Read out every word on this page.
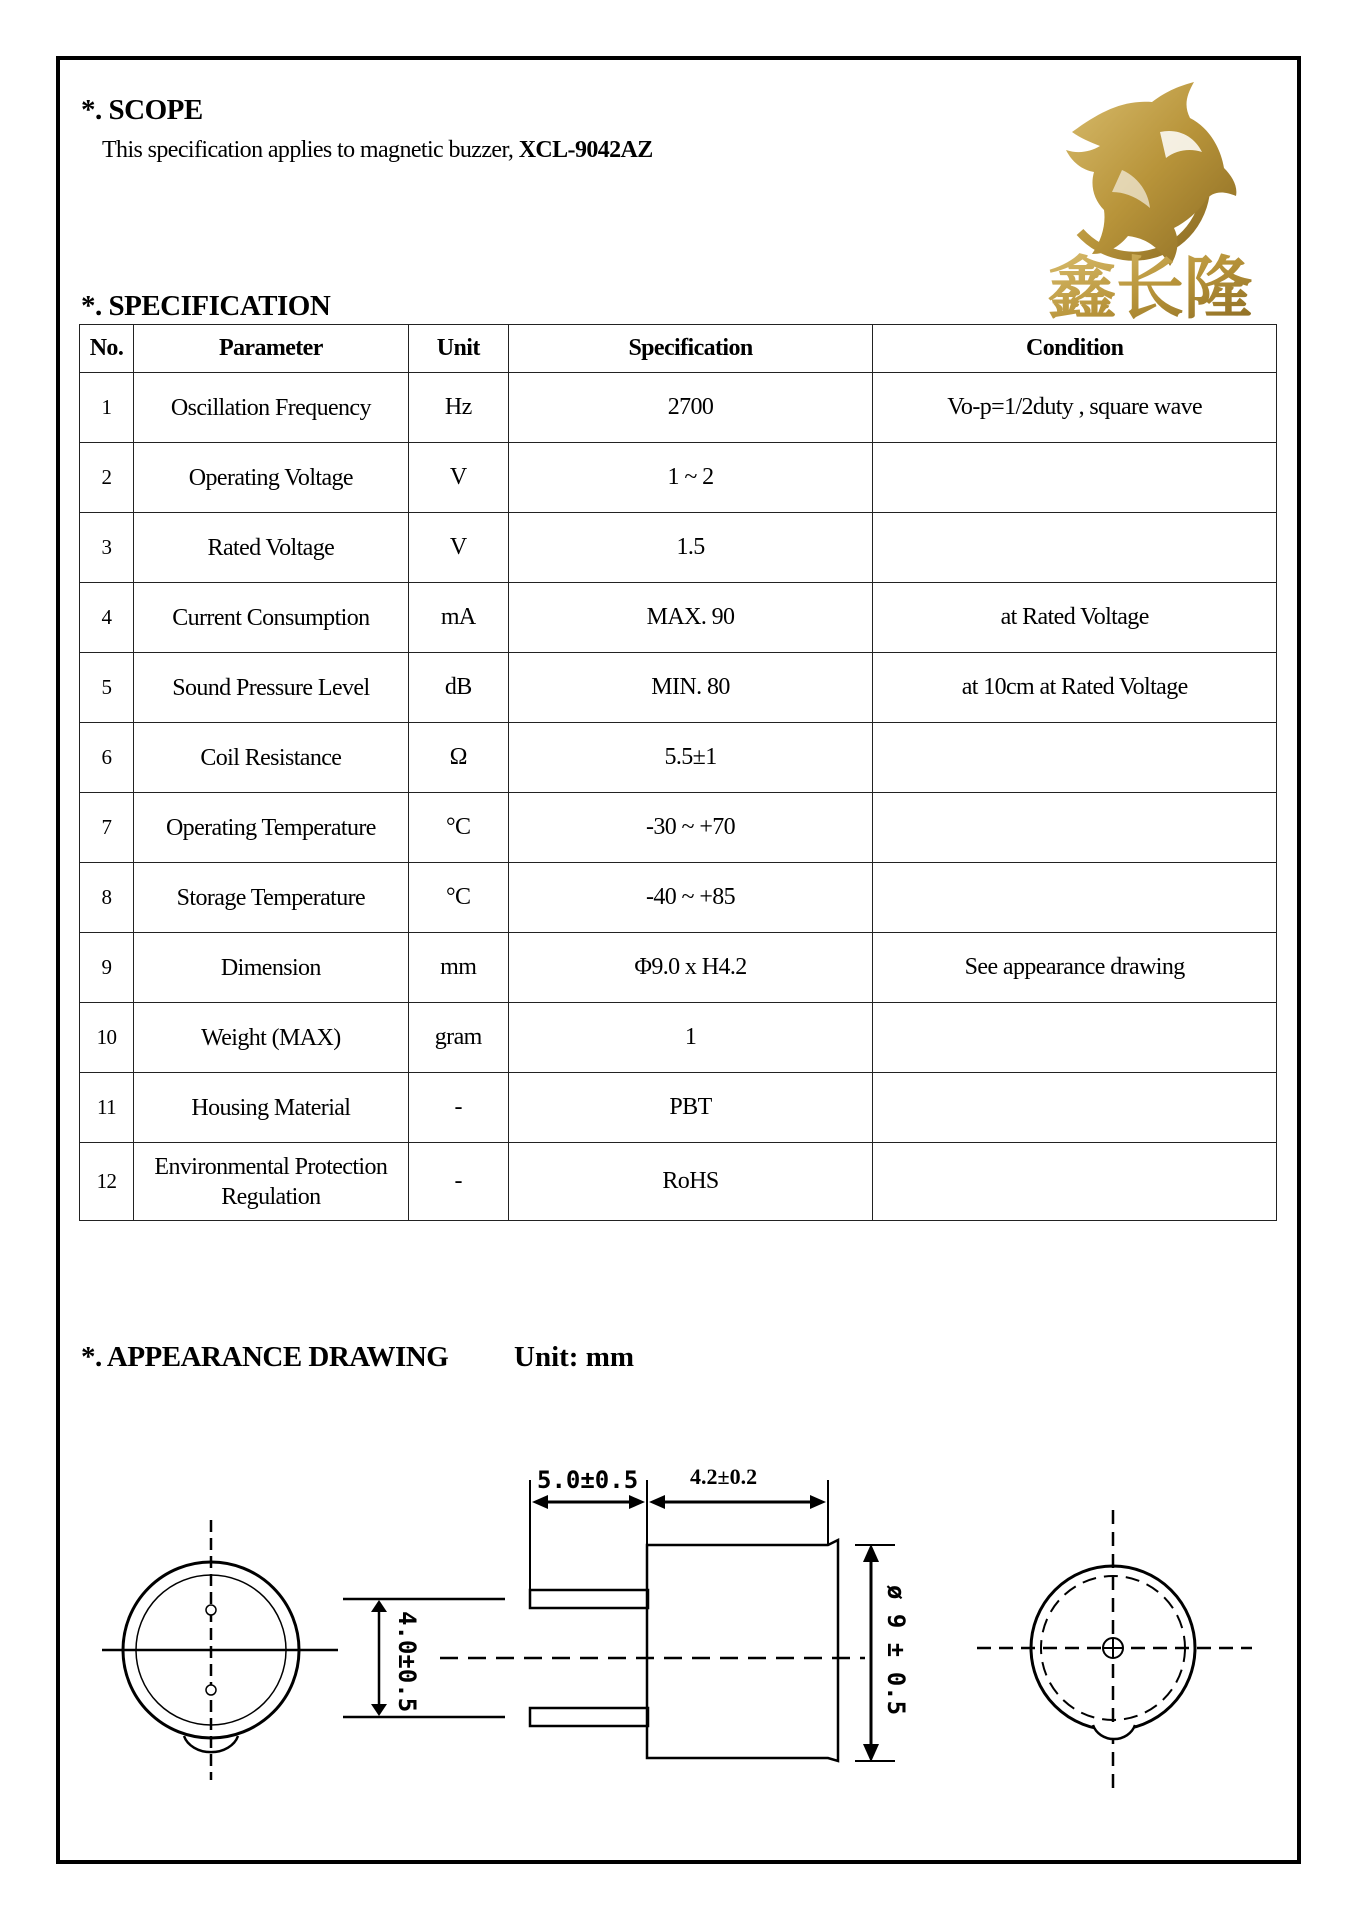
*. SCOPE
This specification applies to magnetic buzzer, XCL-9042AZ
鑫长隆
*. SPECIFICATION
No.	Parameter	Unit	Specification	Condition
1	Oscillation Frequency	Hz	2700	Vo-p=1/2duty , square wave
2	Operating Voltage	V	1 ~ 2	
3	Rated Voltage	V	1.5	
4	Current Consumption	mA	MAX. 90	at Rated Voltage
5	Sound Pressure Level	dB	MIN. 80	at 10cm at Rated Voltage
6	Coil Resistance	Ω	5.5±1	
7	Operating Temperature	°C	-30 ~ +70	
8	Storage Temperature	°C	-40 ~ +85	
9	Dimension	mm	Φ9.0 x H4.2	See appearance drawing
10	Weight (MAX)	gram	1	
11	Housing Material	-	PBT	
12	Environmental Protection Regulation	-	RoHS	
*. APPEARANCE DRAWING Unit: mm
5.0±0.5 4.2±0.2
4.0±0.5	ø 9 ± 0.5
